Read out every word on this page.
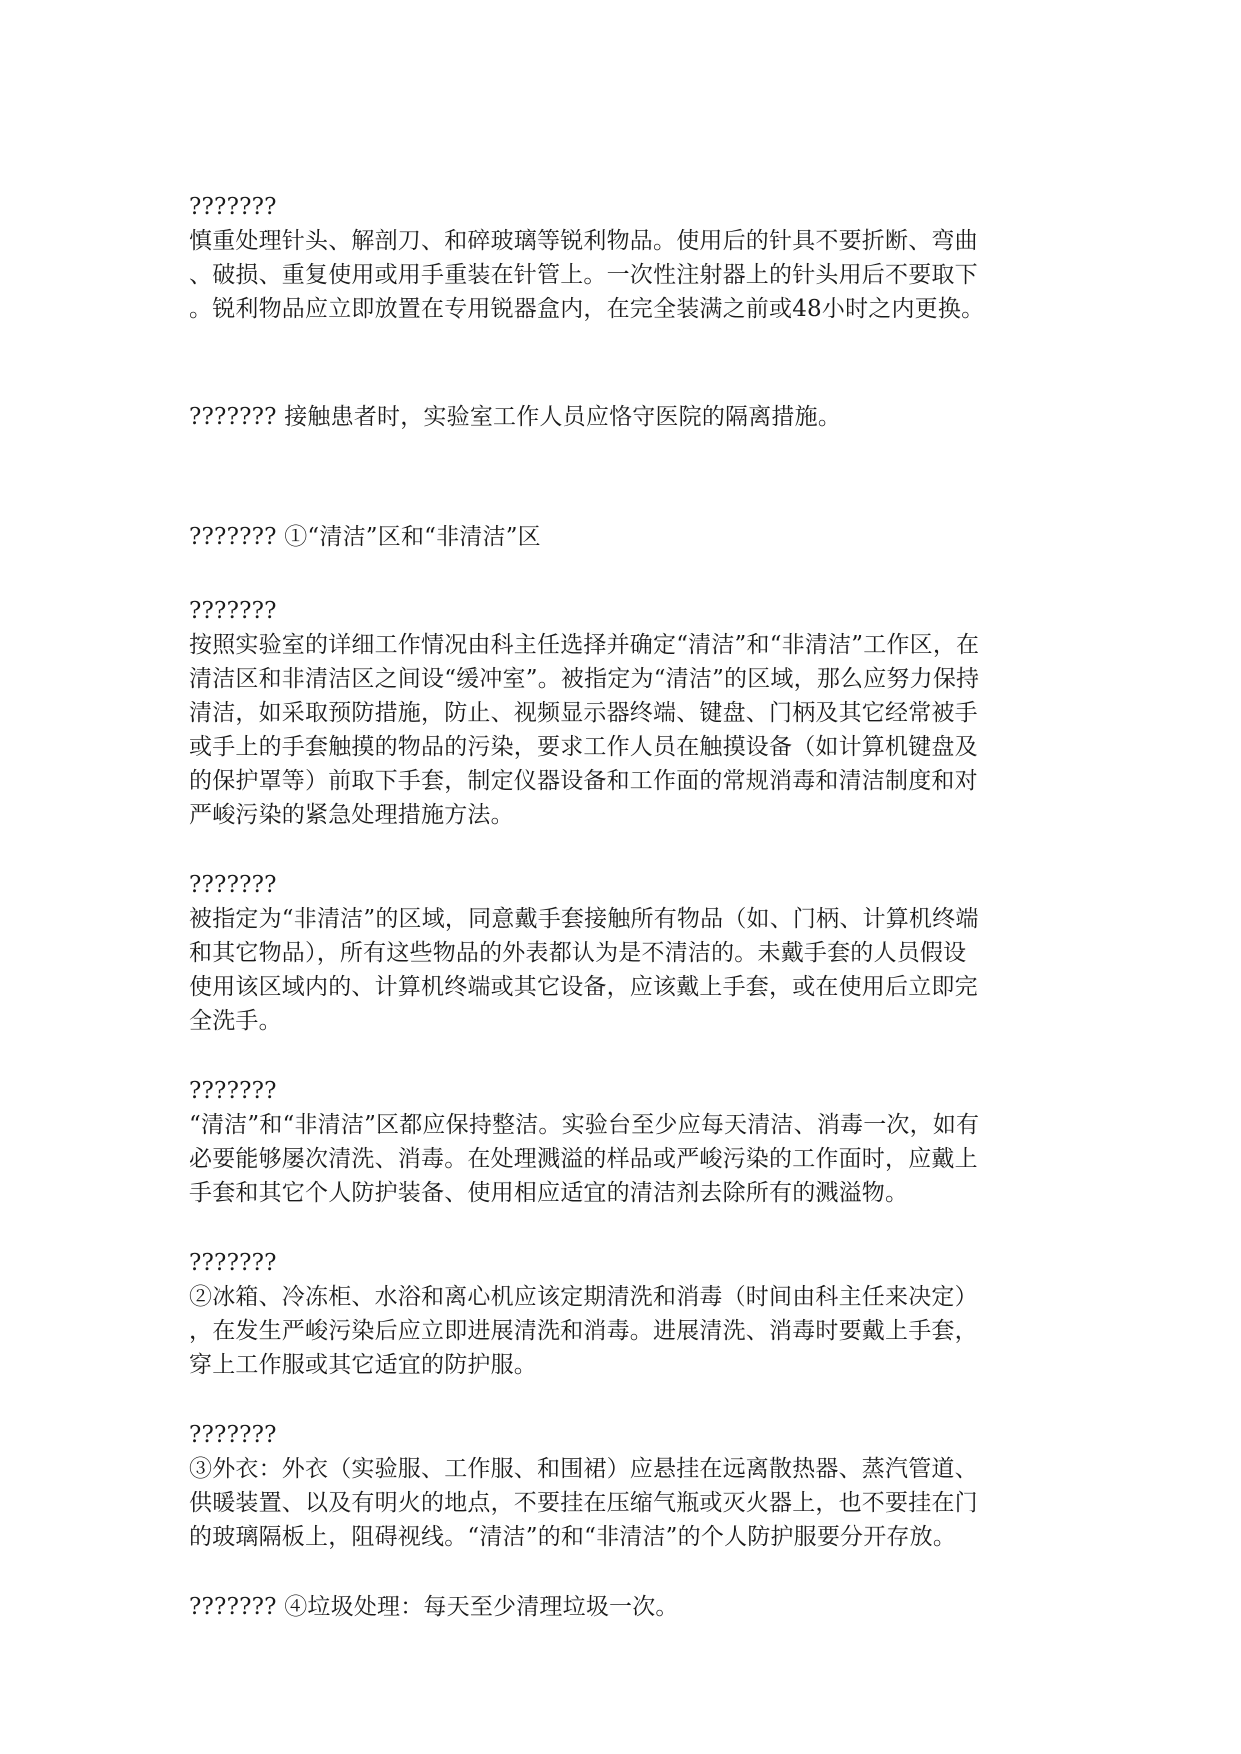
???????
慎重处理针头、解剖刀、和碎玻璃等锐利物品。使用后的针具不要折断、弯曲
、破损、重复使用或用手重装在针管上。一次性注射器上的针头用后不要取下
。锐利物品应立即放置在专用锐器盒内，在完全装满之前或48小时之内更换。

??????? 接触患者时，实验室工作人员应恪守医院的隔离措施。

??????? ①“清洁”区和“非清洁”区

???????
按照实验室的详细工作情况由科主任选择并确定“清洁”和“非清洁”工作区，在
清洁区和非清洁区之间设“缓冲室”。被指定为“清洁”的区域，那么应努力保持
清洁，如采取预防措施，防止、视频显示器终端、键盘、门柄及其它经常被手
或手上的手套触摸的物品的污染，要求工作人员在触摸设备（如计算机键盘及
的保护罩等）前取下手套，制定仪器设备和工作面的常规消毒和清洁制度和对
严峻污染的紧急处理措施方法。

???????
被指定为“非清洁”的区域，同意戴手套接触所有物品（如、门柄、计算机终端
和其它物品），所有这些物品的外表都认为是不清洁的。未戴手套的人员假设
使用该区域内的、计算机终端或其它设备，应该戴上手套，或在使用后立即完
全洗手。

???????
“清洁”和“非清洁”区都应保持整洁。实验台至少应每天清洁、消毒一次，如有
必要能够屡次清洗、消毒。在处理溅溢的样品或严峻污染的工作面时，应戴上
手套和其它个人防护装备、使用相应适宜的清洁剂去除所有的溅溢物。

???????
②冰箱、冷冻柜、水浴和离心机应该定期清洗和消毒（时间由科主任来决定）
，在发生严峻污染后应立即进展清洗和消毒。进展清洗、消毒时要戴上手套，
穿上工作服或其它适宜的防护服。

???????
③外衣：外衣（实验服、工作服、和围裙）应悬挂在远离散热器、蒸汽管道、
供暖装置、以及有明火的地点，不要挂在压缩气瓶或灭火器上，也不要挂在门
的玻璃隔板上，阻碍视线。“清洁”的和“非清洁”的个人防护服要分开存放。

??????? ④垃圾处理：每天至少清理垃圾一次。
